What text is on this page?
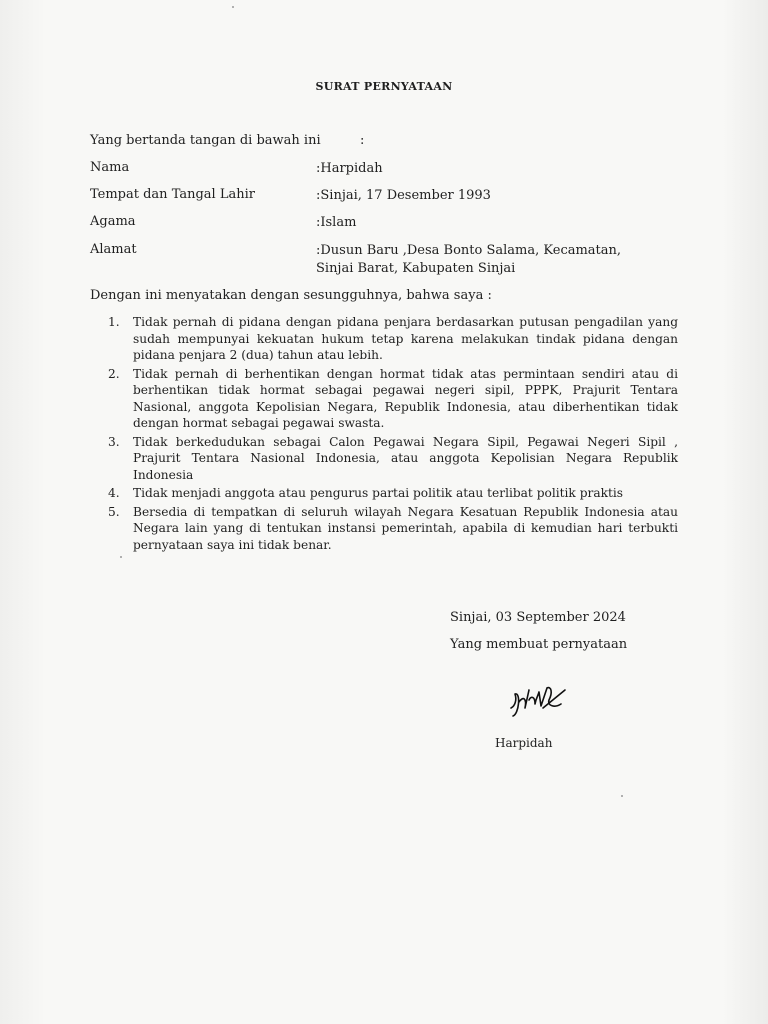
SURAT PERNYATAAN
Yang bertanda tangan di bawah ini	:
Nama	:Harpidah
Tempat dan Tangal Lahir	:Sinjai, 17 Desember 1993
Agama	:Islam
Alamat	:Dusun Baru ,Desa Bonto Salama, Kecamatan,
Sinjai Barat, Kabupaten Sinjai
Dengan ini menyatakan dengan sesungguhnya, bahwa saya :
1.	Tidak pernah di pidana dengan pidana penjara berdasarkan putusan pengadilan yang sudah mempunyai kekuatan hukum tetap karena melakukan tindak pidana dengan pidana penjara 2 (dua) tahun atau lebih.
2.	Tidak pernah di berhentikan dengan hormat tidak atas permintaan sendiri atau di berhentikan tidak hormat sebagai pegawai negeri sipil, PPPK, Prajurit Tentara Nasional, anggota Kepolisian Negara, Republik Indonesia, atau diberhentikan tidak dengan hormat sebagai pegawai swasta.
3.	Tidak berkedudukan sebagai Calon Pegawai Negara Sipil, Pegawai Negeri Sipil , Prajurit Tentara Nasional Indonesia, atau anggota Kepolisian Negara Republik Indonesia
4.	Tidak menjadi anggota atau pengurus partai politik atau terlibat politik praktis
5.	Bersedia di tempatkan di seluruh wilayah Negara Kesatuan Republik Indonesia atau Negara lain yang di tentukan instansi pemerintah, apabila di kemudian hari terbukti pernyataan saya ini tidak benar.
Sinjai, 03 September 2024
Yang membuat pernyataan
Harpidah
